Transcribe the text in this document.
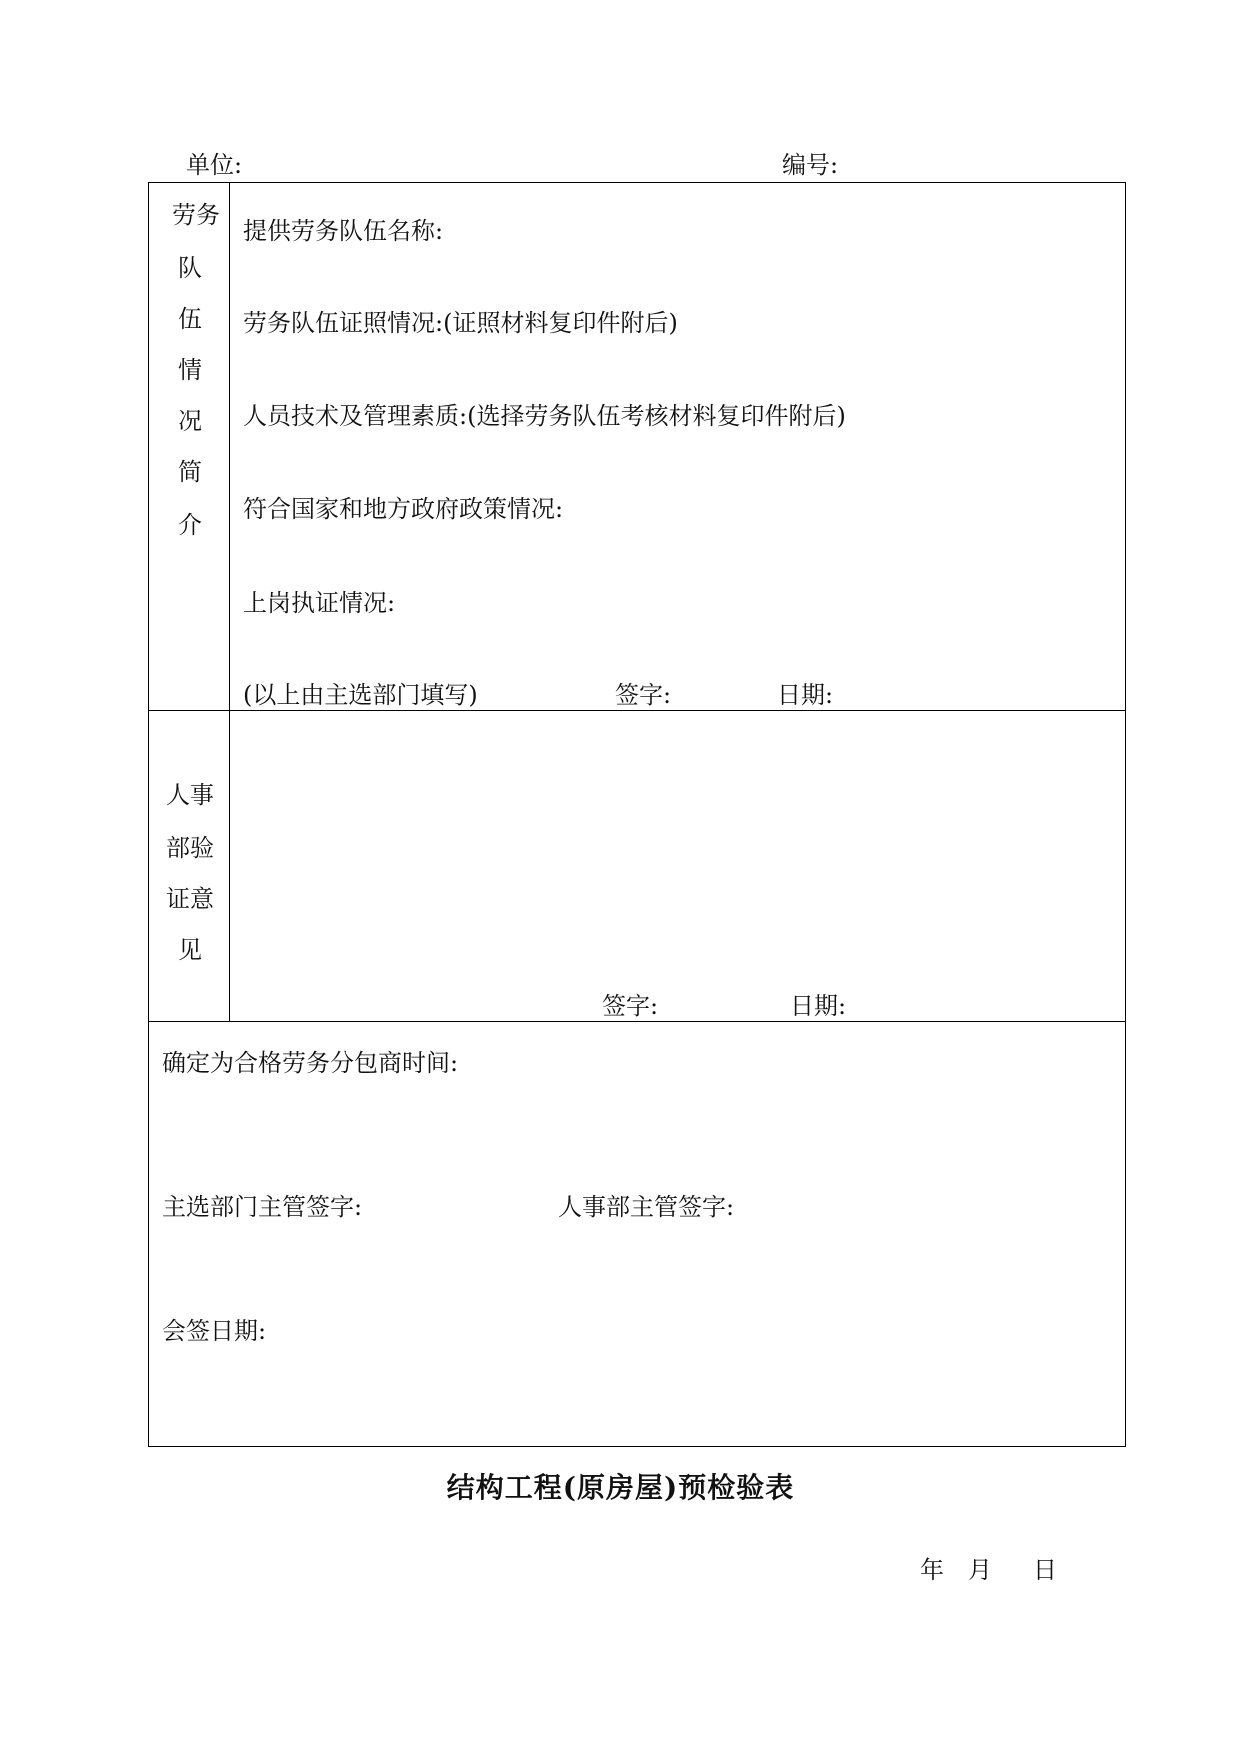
单位:	编号:
劳务
队
伍
情
况
简
介
提供劳务队伍名称:
劳务队伍证照情况:(证照材料复印件附后)
人员技术及管理素质:(选择劳务队伍考核材料复印件附后)
符合国家和地方政府政策情况:
上岗执证情况:
(以上由主选部门填写)	签字:	日期:
人事
部验
证意
见
签字:	日期:
确定为合格劳务分包商时间:
主选部门主管签字:	人事部主管签字:
会签日期:
结构工程(原房屋)预检验表
年 月 日
